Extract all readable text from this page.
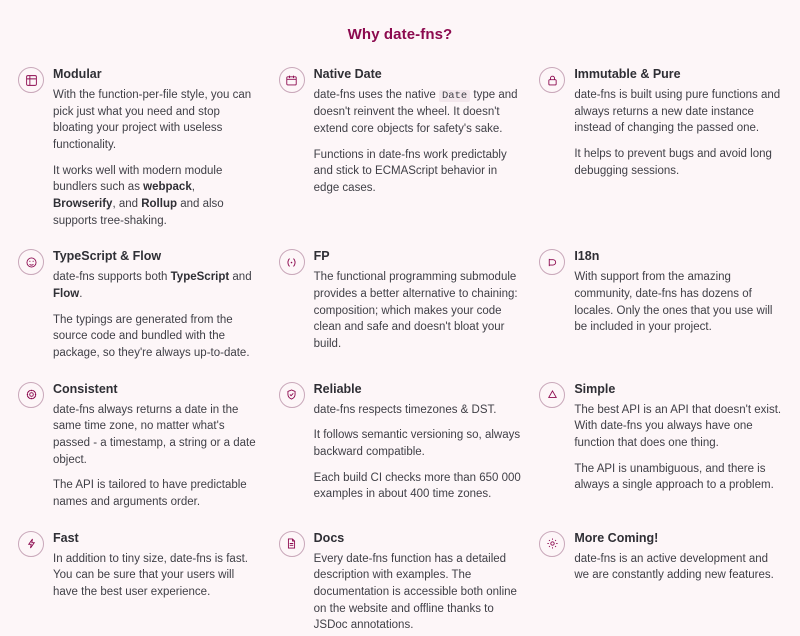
Why date-fns?
Modular

With the function-per-file style, you can pick just what you need and stop bloating your project with useless functionality.

It works well with modern module bundlers such as webpack, Browserify, and Rollup and also supports tree-shaking.

Native Date

date-fns uses the native Date type and doesn't reinvent the wheel. It doesn't extend core objects for safety's sake.

Functions in date-fns work predictably and stick to ECMAScript behavior in edge cases.

Immutable & Pure

date-fns is built using pure functions and always returns a new date instance instead of changing the passed one.

It helps to prevent bugs and avoid long debugging sessions.

TypeScript & Flow

date-fns supports both TypeScript and Flow.

The typings are generated from the source code and bundled with the package, so they're always up-to-date.

FP

The functional programming submodule provides a better alternative to chaining: composition; which makes your code clean and safe and doesn't bloat your build.

I18n

With support from the amazing community, date-fns has dozens of locales. Only the ones that you use will be included in your project.

Consistent

date-fns always returns a date in the same time zone, no matter what's passed - a timestamp, a string or a date object.

The API is tailored to have predictable names and arguments order.

Reliable

date-fns respects timezones & DST.

It follows semantic versioning so, always backward compatible.

Each build CI checks more than 650 000 examples in about 400 time zones.

Simple

The best API is an API that doesn't exist. With date-fns you always have one function that does one thing.

The API is unambiguous, and there is always a single approach to a problem.

Fast

In addition to tiny size, date-fns is fast. You can be sure that your users will have the best user experience.

Docs

Every date-fns function has a detailed description with examples. The documentation is accessible both online on the website and offline thanks to JSDoc annotations.

More Coming!

date-fns is an active development and we are constantly adding new features.
